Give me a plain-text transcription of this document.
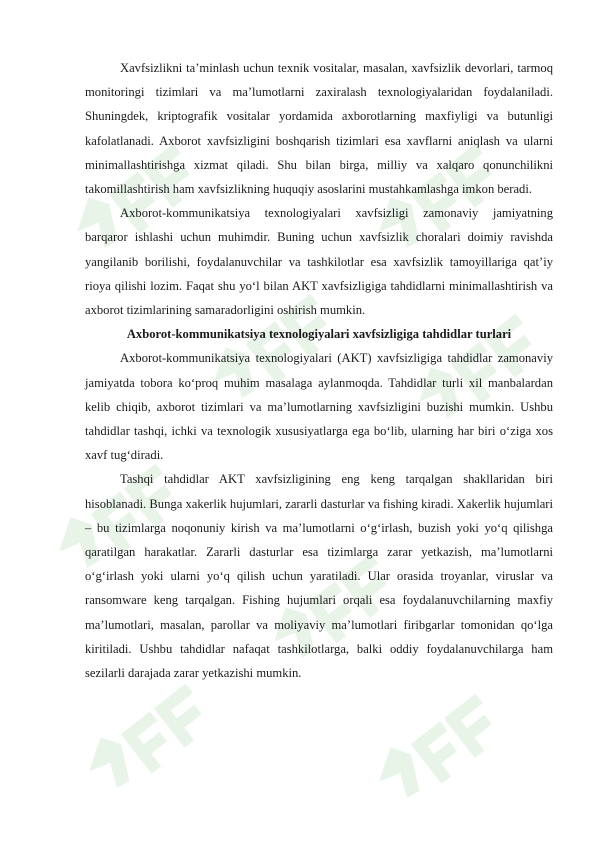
Xavfsizlikni ta’minlash uchun texnik vositalar, masalan, xavfsizlik devorlari, tarmoq monitoringi tizimlari va ma’lumotlarni zaxiralash texnologiyalaridan foydalaniladi. Shuningdek, kriptografik vositalar yordamida axborotlarning maxfiyligi va butunligi kafolatlanadi. Axborot xavfsizligini boshqarish tizimlari esa xavflarni aniqlash va ularni minimallashtirishga xizmat qiladi. Shu bilan birga, milliy va xalqaro qonunchilikni takomillashtirish ham xavfsizlikning huquqiy asoslarini mustahkamlashga imkon beradi.

Axborot-kommunikatsiya texnologiyalari xavfsizligi zamonaviy jamiyatning barqaror ishlashi uchun muhimdir. Buning uchun xavfsizlik choralari doimiy ravishda yangilanib borilishi, foydalanuvchilar va tashkilotlar esa xavfsizlik tamoyillariga qat’iy rioya qilishi lozim. Faqat shu yo‘l bilan AKT xavfsizligiga tahdidlarni minimallashtirish va axborot tizimlarining samaradorligini oshirish mumkin.

Axborot-kommunikatsiya texnologiyalari xavfsizligiga tahdidlar turlari

Axborot-kommunikatsiya texnologiyalari (AKT) xavfsizligiga tahdidlar zamonaviy jamiyatda tobora ko‘proq muhim masalaga aylanmoqda. Tahdidlar turli xil manbalardan kelib chiqib, axborot tizimlari va ma’lumotlarning xavfsizligini buzishi mumkin. Ushbu tahdidlar tashqi, ichki va texnologik xususiyatlarga ega bo‘lib, ularning har biri o‘ziga xos xavf tug‘diradi.

Tashqi tahdidlar AKT xavfsizligining eng keng tarqalgan shakllaridan biri hisoblanadi. Bunga xakerlik hujumlari, zararli dasturlar va fishing kiradi. Xakerlik hujumlari – bu tizimlarga noqonuniy kirish va ma’lumotlarni o‘g‘irlash, buzish yoki yo‘q qilishga qaratilgan harakatlar. Zararli dasturlar esa tizimlarga zarar yetkazish, ma’lumotlarni o‘g‘irlash yoki ularni yo‘q qilish uchun yaratiladi. Ular orasida troyanlar, viruslar va ransomware keng tarqalgan. Fishing hujumlari orqali esa foydalanuvchilarning maxfiy ma’lumotlari, masalan, parollar va moliyaviy ma’lumotlari firibgarlar tomonidan qo‘lga kiritiladi. Ushbu tahdidlar nafaqat tashkilotlarga, balki oddiy foydalanuvchilarga ham sezilarli darajada zarar yetkazishi mumkin.
